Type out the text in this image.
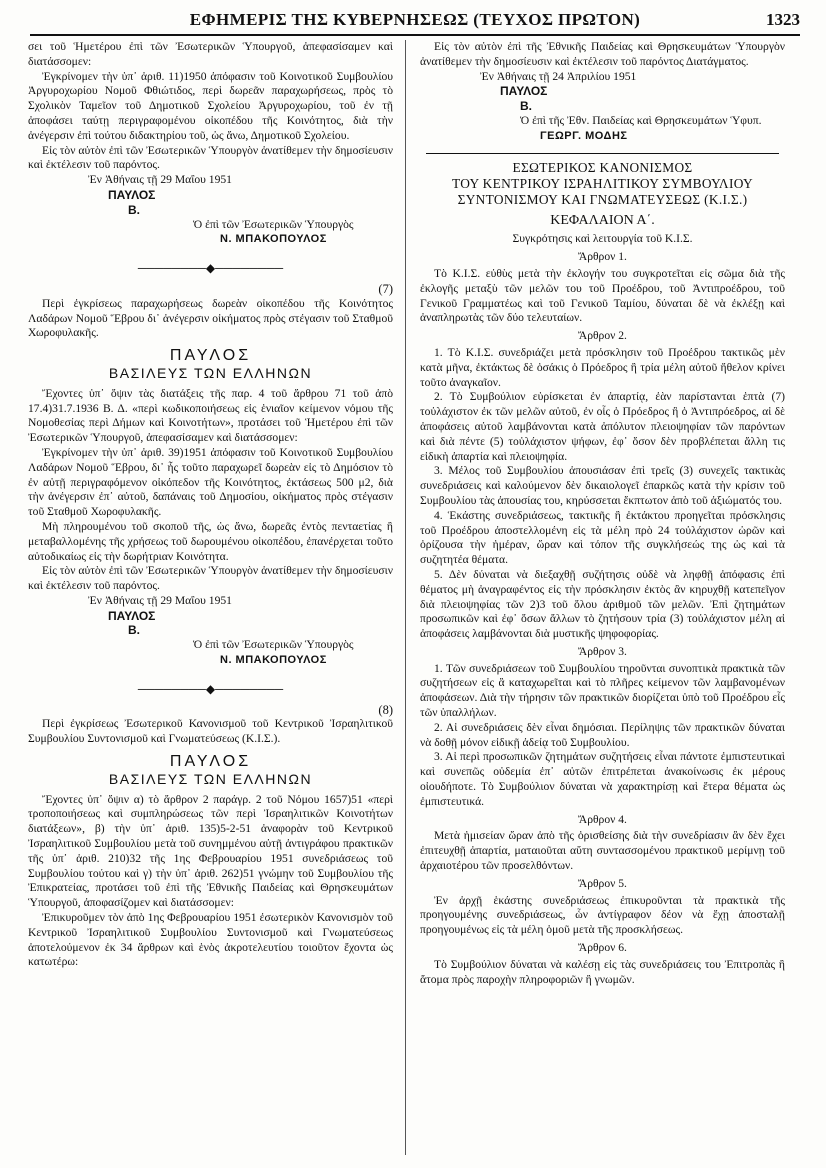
ΕΦΗΜΕΡΙΣ ΤΗΣ ΚΥΒΕΡΝΗΣΕΩΣ (ΤΕΥΧΟΣ ΠΡΩΤΟΝ)	1323

σει τοῦ Ἡμετέρου ἐπὶ τῶν Ἐσωτερικῶν Ὑπουργοῦ, ἀπεφασίσαμεν καὶ διατάσσομεν:

Ἐγκρίνομεν τὴν ὑπ᾽ ἀριθ. 11)1950 ἀπόφασιν τοῦ Κοινοτικοῦ Συμβουλίου Ἀργυροχωρίου Νομοῦ Φθιώτιδος, περὶ δωρεᾶν παραχωρήσεως, πρὸς τὸ Σχολικὸν Ταμεῖον τοῦ Δημοτικοῦ Σχολείου Ἀργυροχωρίου, τοῦ ἐν τῇ ἀποφάσει ταύτῃ περιγραφομένου οἰκοπέδου τῆς Κοινότητος, διὰ τὴν ἀνέγερσιν ἐπὶ τούτου διδακτηρίου τοῦ, ὡς ἄνω, Δημοτικοῦ Σχολείου.

Εἰς τὸν αὐτὸν ἐπὶ τῶν Ἐσωτερικῶν Ὑπουργὸν ἀνατίθεμεν τὴν δημοσίευσιν καὶ ἐκτέλεσιν τοῦ παρόντος.

Ἐν Ἀθήναις τῇ 29 Μαΐου 1951

ΠΑΥΛΟΣ

Β.

Ὁ ἐπὶ τῶν Ἐσωτερικῶν Ὑπουργὸς

Ν. ΜΠΑΚΟΠΟΥΛΟΣ

────────◆────────

(7)

Περὶ ἐγκρίσεως παραχωρήσεως δωρεὰν οἰκοπέδου τῆς Κοινότητος Λαδάρων Νομοῦ Ἕβρου δι᾽ ἀνέγερσιν οἰκήματος πρὸς στέγασιν τοῦ Σταθμοῦ Χωροφυλακῆς.

ΠΑΥΛΟΣ

ΒΑΣΙΛΕΥΣ ΤΩΝ ΕΛΛΗΝΩΝ

Ἔχοντες ὑπ᾽ ὄψιν τὰς διατάξεις τῆς παρ. 4 τοῦ ἄρθρου 71 τοῦ ἀπὸ 17.4)31.7.1936 Β. Δ. «περὶ κωδικοποιήσεως εἰς ἑνιαῖον κείμενον νόμου τῆς Νομοθεσίας περὶ Δήμων καὶ Κοινοτήτων», προτάσει τοῦ Ἡμετέρου ἐπὶ τῶν Ἐσωτερικῶν Ὑπουργοῦ, ἀπεφασίσαμεν καὶ διατάσσομεν:

Ἐγκρίνομεν τὴν ὑπ᾽ ἀριθ. 39)1951 ἀπόφασιν τοῦ Κοινοτικοῦ Συμβουλίου Λαδάρων Νομοῦ Ἕβρου, δι᾽ ἧς τοῦτο παραχωρεῖ δωρεὰν εἰς τὸ Δημόσιον τὸ ἐν αὐτῇ περιγραφόμενον οἰκόπεδον τῆς Κοινότητος, ἐκτάσεως 500 μ2, διὰ τὴν ἀνέγερσιν ἐπ᾽ αὐτοῦ, δαπάναις τοῦ Δημοσίου, οἰκήματος πρὸς στέγασιν τοῦ Σταθμοῦ Χωροφυλακῆς.

Μὴ πληρουμένου τοῦ σκοποῦ τῆς, ὡς ἄνω, δωρεᾶς ἐντὸς πενταετίας ἢ μεταβαλλομένης τῆς χρήσεως τοῦ δωρουμένου οἰκοπέδου, ἐπανέρχεται τοῦτο αὐτοδικαίως εἰς τὴν δωρήτριαν Κοινότητα.

Εἰς τὸν αὐτὸν ἐπὶ τῶν Ἐσωτερικῶν Ὑπουργὸν ἀνατίθεμεν τὴν δημοσίευσιν καὶ ἐκτέλεσιν τοῦ παρόντος.

Ἐν Ἀθήναις τῇ 29 Μαΐου 1951

ΠΑΥΛΟΣ

Β.

Ὁ ἐπὶ τῶν Ἐσωτερικῶν Ὑπουργὸς

Ν. ΜΠΑΚΟΠΟΥΛΟΣ

────────◆────────

(8)

Περὶ ἐγκρίσεως Ἐσωτερικοῦ Κανονισμοῦ τοῦ Κεντρικοῦ Ἰσραηλιτικοῦ Συμβουλίου Συντονισμοῦ καὶ Γνωματεύσεως (Κ.Ι.Σ.).

ΠΑΥΛΟΣ

ΒΑΣΙΛΕΥΣ ΤΩΝ ΕΛΛΗΝΩΝ

Ἔχοντες ὑπ᾽ ὄψιν α) τὸ ἄρθρον 2 παράγρ. 2 τοῦ Νόμου 1657)51 «περὶ τροποποιήσεως καὶ συμπληρώσεως τῶν περὶ Ἰσραηλιτικῶν Κοινοτήτων διατάξεων», β) τὴν ὑπ᾽ ἀριθ. 135)5-2-51 ἀναφορὰν τοῦ Κεντρικοῦ Ἰσραηλιτικοῦ Συμβουλίου μετὰ τοῦ συνημμένου αὐτῇ ἀντιγράφου πρακτικῶν τῆς ὑπ᾽ ἀριθ. 210)32 τῆς 1ης Φεβρουαρίου 1951 συνεδριάσεως τοῦ Συμβουλίου τούτου καὶ γ) τὴν ὑπ᾽ ἀριθ. 262)51 γνώμην τοῦ Συμβουλίου τῆς Ἐπικρατείας, προτάσει τοῦ ἐπὶ τῆς Ἐθνικῆς Παιδείας καὶ Θρησκευμάτων Ὑπουργοῦ, ἀποφασίζομεν καὶ διατάσσομεν:

Ἐπικυροῦμεν τὸν ἀπὸ 1ης Φεβρουαρίου 1951 ἐσωτερικὸν Κανονισμὸν τοῦ Κεντρικοῦ Ἰσραηλιτικοῦ Συμβουλίου Συντονισμοῦ καὶ Γνωματεύσεως ἀποτελούμενον ἐκ 34 ἄρθρων καὶ ἑνὸς ἀκροτελευτίου τοιοῦτον ἔχοντα ὡς κατωτέρω:

Εἰς τὸν αὐτὸν ἐπὶ τῆς Ἐθνικῆς Παιδείας καὶ Θρησκευμάτων Ὑπουργὸν ἀνατίθεμεν τὴν δημοσίευσιν καὶ ἐκτέλεσιν τοῦ παρόντος Διατάγματος.

Ἐν Ἀθήναις τῇ 24 Ἀπριλίου 1951

ΠΑΥΛΟΣ

Β.

Ὁ ἐπὶ τῆς Ἐθν. Παιδείας καὶ Θρησκευμάτων Ὑφυπ.

ΓΕΩΡΓ. ΜΟΔΗΣ

ΕΣΩΤΕΡΙΚΟΣ ΚΑΝΟΝΙΣΜΟΣ

ΤΟΥ ΚΕΝΤΡΙΚΟΥ ΙΣΡΑΗΛΙΤΙΚΟΥ ΣΥΜΒΟΥΛΙΟΥ

ΣΥΝΤΟΝΙΣΜΟΥ ΚΑΙ ΓΝΩΜΑΤΕΥΣΕΩΣ (Κ.Ι.Σ.)

ΚΕΦΑΛΑΙΟΝ Α΄.

Συγκρότησις καὶ λειτουργία τοῦ Κ.Ι.Σ.

Ἄρθρον 1.

Τὸ Κ.Ι.Σ. εὐθὺς μετὰ τὴν ἐκλογήν του συγκροτεῖται εἰς σῶμα διὰ τῆς ἐκλογῆς μεταξὺ τῶν μελῶν του τοῦ Προέδρου, τοῦ Ἀντιπροέδρου, τοῦ Γενικοῦ Γραμματέως καὶ τοῦ Γενικοῦ Ταμίου, δύναται δὲ νὰ ἐκλέξῃ καὶ ἀναπληρωτὰς τῶν δύο τελευταίων.

Ἄρθρον 2.

1. Τὸ Κ.Ι.Σ. συνεδριάζει μετὰ πρόσκλησιν τοῦ Προέδρου τακτικῶς μὲν κατὰ μῆνα, ἐκτάκτως δὲ ὁσάκις ὁ Πρόεδρος ἢ τρία μέλη αὐτοῦ ἤθελον κρίνει τοῦτο ἀναγκαῖον.

2. Τὸ Συμβούλιον εὑρίσκεται ἐν ἀπαρτίᾳ, ἐὰν παρίστανται ἑπτὰ (7) τοὐλάχιστον ἐκ τῶν μελῶν αὐτοῦ, ἐν οἷς ὁ Πρόεδρος ἢ ὁ Ἀντιπρόεδρος, αἱ δὲ ἀποφάσεις αὐτοῦ λαμβάνονται κατὰ ἀπόλυτον πλειοψηφίαν τῶν παρόντων καὶ διὰ πέντε (5) τοὐλάχιστον ψήφων, ἐφ᾽ ὅσον δὲν προβλέπεται ἄλλη τις εἰδικὴ ἀπαρτία καὶ πλειοψηφία.

3. Μέλος τοῦ Συμβουλίου ἀπουσιάσαν ἐπὶ τρεῖς (3) συνεχεῖς τακτικὰς συνεδριάσεις καὶ καλούμενον δὲν δικαιολογεῖ ἐπαρκῶς κατὰ τὴν κρίσιν τοῦ Συμβουλίου τὰς ἀπουσίας του, κηρύσσεται ἔκπτωτον ἀπὸ τοῦ ἀξιώματός του.

4. Ἑκάστης συνεδριάσεως, τακτικῆς ἢ ἐκτάκτου προηγεῖται πρόσκλησις τοῦ Προέδρου ἀποστελλομένη εἰς τὰ μέλη πρὸ 24 τοὐλάχιστον ὡρῶν καὶ ὁρίζουσα τὴν ἡμέραν, ὥραν καὶ τόπον τῆς συγκλήσεώς της ὡς καὶ τὰ συζητητέα θέματα.

5. Δὲν δύναται νὰ διεξαχθῇ συζήτησις οὐδὲ νὰ ληφθῇ ἀπόφασις ἐπὶ θέματος μὴ ἀναγραφέντος εἰς τὴν πρόσκλησιν ἐκτὸς ἂν κηρυχθῇ κατεπεῖγον διὰ πλειοψηφίας τῶν 2)3 τοῦ ὅλου ἀριθμοῦ τῶν μελῶν. Ἐπὶ ζητημάτων προσωπικῶν καὶ ἐφ᾽ ὅσων ἄλλων τὸ ζητήσουν τρία (3) τοὐλάχιστον μέλη αἱ ἀποφάσεις λαμβάνονται διὰ μυστικῆς ψηφοφορίας.

Ἄρθρον 3.

1. Τῶν συνεδριάσεων τοῦ Συμβουλίου τηροῦνται συνοπτικὰ πρακτικὰ τῶν συζητήσεων εἰς ἃ καταχωρεῖται καὶ τὸ πλῆρες κείμενον τῶν λαμβανομένων ἀποφάσεων. Διὰ τὴν τήρησιν τῶν πρακτικῶν διορίζεται ὑπὸ τοῦ Προέδρου εἷς τῶν ὑπαλλήλων.

2. Αἱ συνεδριάσεις δὲν εἶναι δημόσιαι. Περίληψις τῶν πρακτικῶν δύναται νὰ δοθῇ μόνον εἰδικῇ ἀδείᾳ τοῦ Συμβουλίου.

3. Αἱ περὶ προσωπικῶν ζητημάτων συζητήσεις εἶναι πάντοτε ἐμπιστευτικαὶ καὶ συνεπῶς οὐδεμία ἐπ᾽ αὐτῶν ἐπιτρέπεται ἀνακοίνωσις ἐκ μέρους οἱουδήποτε. Τὸ Συμβούλιον δύναται νὰ χαρακτηρίσῃ καὶ ἕτερα θέματα ὡς ἐμπιστευτικά.

Ἄρθρον 4.

Μετὰ ἡμισείαν ὥραν ἀπὸ τῆς ὁρισθείσης διὰ τὴν συνεδρίασιν ἂν δὲν ἔχει ἐπιτευχθῇ ἀπαρτία, ματαιοῦται αὕτη συντασσομένου πρακτικοῦ μερίμνῃ τοῦ ἀρχαιοτέρου τῶν προσελθόντων.

Ἄρθρον 5.

Ἐν ἀρχῇ ἑκάστης συνεδριάσεως ἐπικυροῦνται τὰ πρακτικὰ τῆς προηγουμένης συνεδριάσεως, ὧν ἀντίγραφον δέον νὰ ἔχῃ ἀποσταλῇ προηγουμένως εἰς τὰ μέλη ὁμοῦ μετὰ τῆς προσκλήσεως.

Ἄρθρον 6.

Τὸ Συμβούλιον δύναται νὰ καλέσῃ εἰς τὰς συνεδριάσεις του Ἐπιτροπὰς ἢ ἄτομα πρὸς παροχὴν πληροφοριῶν ἢ γνωμῶν.
